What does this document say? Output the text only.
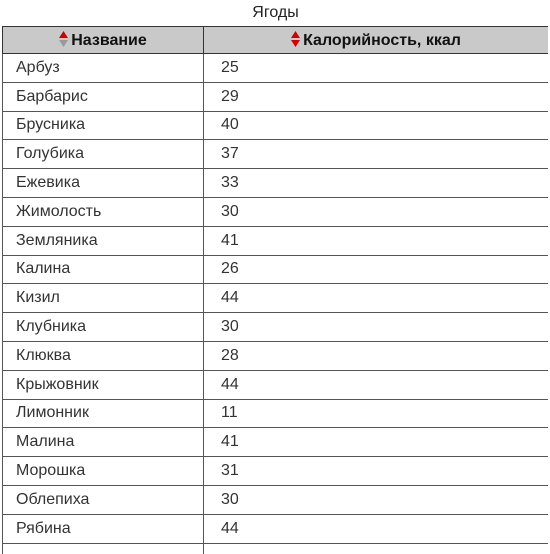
Ягоды
Название	Калорийность, ккал
Арбуз	25
Барбарис	29
Брусника	40
Голубика	37
Ежевика	33
Жимолость	30
Земляника	41
Калина	26
Кизил	44
Клубника	30
Клюква	28
Крыжовник	44
Лимонник	11
Малина	41
Морошка	31
Облепиха	30
Рябина	44
